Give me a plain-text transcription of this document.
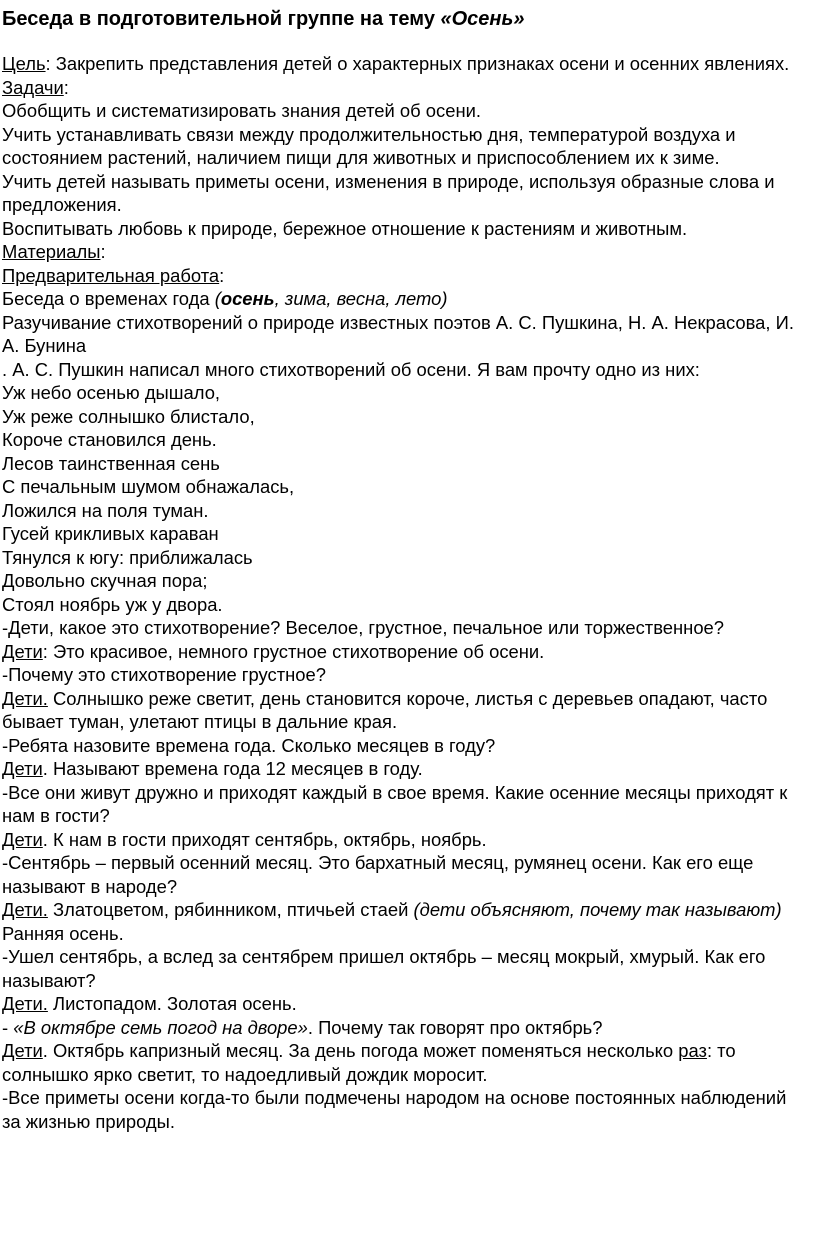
Беседа в подготовительной группе на тему «Осень»

Цель: Закрепить представления детей о характерных признаках осени и осенних явлениях.

Задачи:

Обобщить и систематизировать знания детей об осени.

Учить устанавливать связи между продолжительностью дня, температурой воздуха и состоянием растений, наличием пищи для животных и приспособлением их к зиме.

Учить детей называть приметы осени, изменения в природе, используя образные слова и предложения.

Воспитывать любовь к природе, бережное отношение к растениям и животным.

Материалы:

Предварительная работа:

Беседа о временах года (осень, зима, весна, лето)

Разучивание стихотворений о природе известных поэтов А. С. Пушкина, Н. А. Некрасова, И. А. Бунина

. А. С. Пушкин написал много стихотворений об осени. Я вам прочту одно из них:

Уж небо осенью дышало,

Уж реже солнышко блистало,

Короче становился день.

Лесов таинственная сень

С печальным шумом обнажалась,

Ложился на поля туман.

Гусей крикливых караван

Тянулся к югу: приближалась

Довольно скучная пора;

Стоял ноябрь уж у двора.

-Дети, какое это стихотворение? Веселое, грустное, печальное или торжественное?

Дети: Это красивое, немного грустное стихотворение об осени.

-Почему это стихотворение грустное?

Дети. Солнышко реже светит, день становится короче, листья с деревьев опадают, часто бывает туман, улетают птицы в дальние края.

-Ребята назовите времена года. Сколько месяцев в году?

Дети. Называют времена года 12 месяцев в году.

-Все они живут дружно и приходят каждый в свое время. Какие осенние месяцы приходят к нам в гости?

Дети. К нам в гости приходят сентябрь, октябрь, ноябрь.

-Сентябрь – первый осенний месяц. Это бархатный месяц, румянец осени. Как его еще называют в народе?

Дети. Златоцветом, рябинником, птичьей стаей (дети объясняют, почему так называют) Ранняя осень.

-Ушел сентябрь, а вслед за сентябрем пришел октябрь – месяц мокрый, хмурый. Как его называют?

Дети. Листопадом. Золотая осень.

- «В октябре семь погод на дворе». Почему так говорят про октябрь?

Дети. Октябрь капризный месяц. За день погода может поменяться несколько раз: то солнышко ярко светит, то надоедливый дождик моросит.

-Все приметы осени когда-то были подмечены народом на основе постоянных наблюдений за жизнью природы.
